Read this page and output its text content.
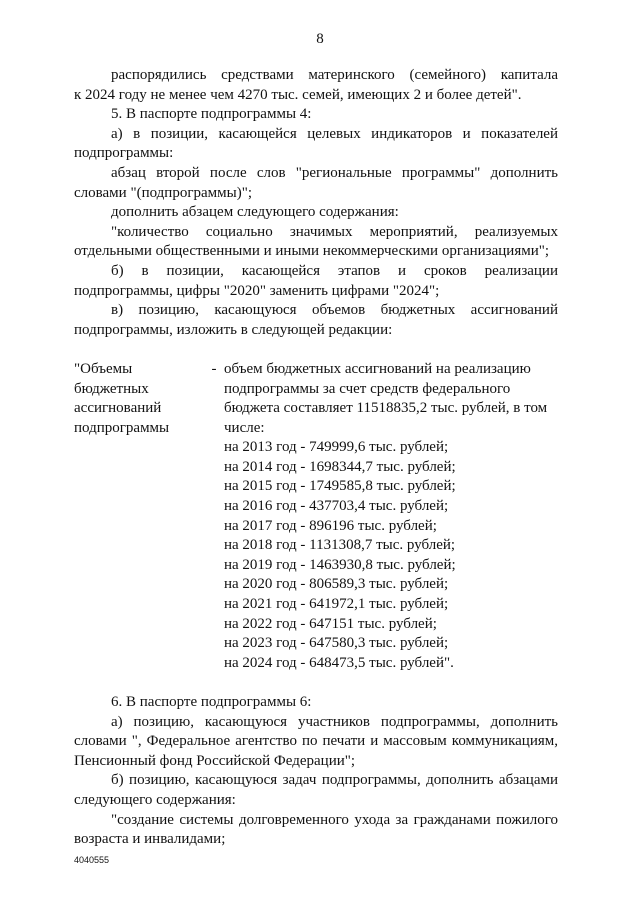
8

распорядились средствами материнского (семейного) капитала

к 2024 году не менее чем 4270 тыс. семей, имеющих 2 и более детей".

5. В паспорте подпрограммы 4:

а) в позиции, касающейся целевых индикаторов и показателей подпрограммы:

абзац второй после слов "региональные программы" дополнить словами "(подпрограммы)";

дополнить абзацем следующего содержания:

"количество социально значимых мероприятий, реализуемых отдельными общественными и иными некоммерческими организациями";

б) в позиции, касающейся этапов и сроков реализации подпрограммы, цифры "2020" заменить цифрами "2024";

в) позицию, касающуюся объемов бюджетных ассигнований подпрограммы, изложить в следующей редакции:

"Объемы
бюджетных
ассигнований
подпрограммы
- объем бюджетных ассигнований на реализацию подпрограммы за счет средств федерального бюджета составляет 11518835,2 тыс. рублей, в том числе:

на 2013 год - 749999,6 тыс. рублей;
на 2014 год - 1698344,7 тыс. рублей;
на 2015 год - 1749585,8 тыс. рублей;
на 2016 год - 437703,4 тыс. рублей;
на 2017 год - 896196 тыс. рублей;
на 2018 год - 1131308,7 тыс. рублей;
на 2019 год - 1463930,8 тыс. рублей;
на 2020 год - 806589,3 тыс. рублей;
на 2021 год - 641972,1 тыс. рублей;
на 2022 год - 647151 тыс. рублей;
на 2023 год - 647580,3 тыс. рублей;
на 2024 год - 648473,5 тыс. рублей".

6. В паспорте подпрограммы 6:

а) позицию, касающуюся участников подпрограммы, дополнить словами ", Федеральное агентство по печати и массовым коммуникациям, Пенсионный фонд Российской Федерации";

б) позицию, касающуюся задач подпрограммы, дополнить абзацами следующего содержания:

"создание системы долговременного ухода за гражданами пожилого возраста и инвалидами;

4040555
